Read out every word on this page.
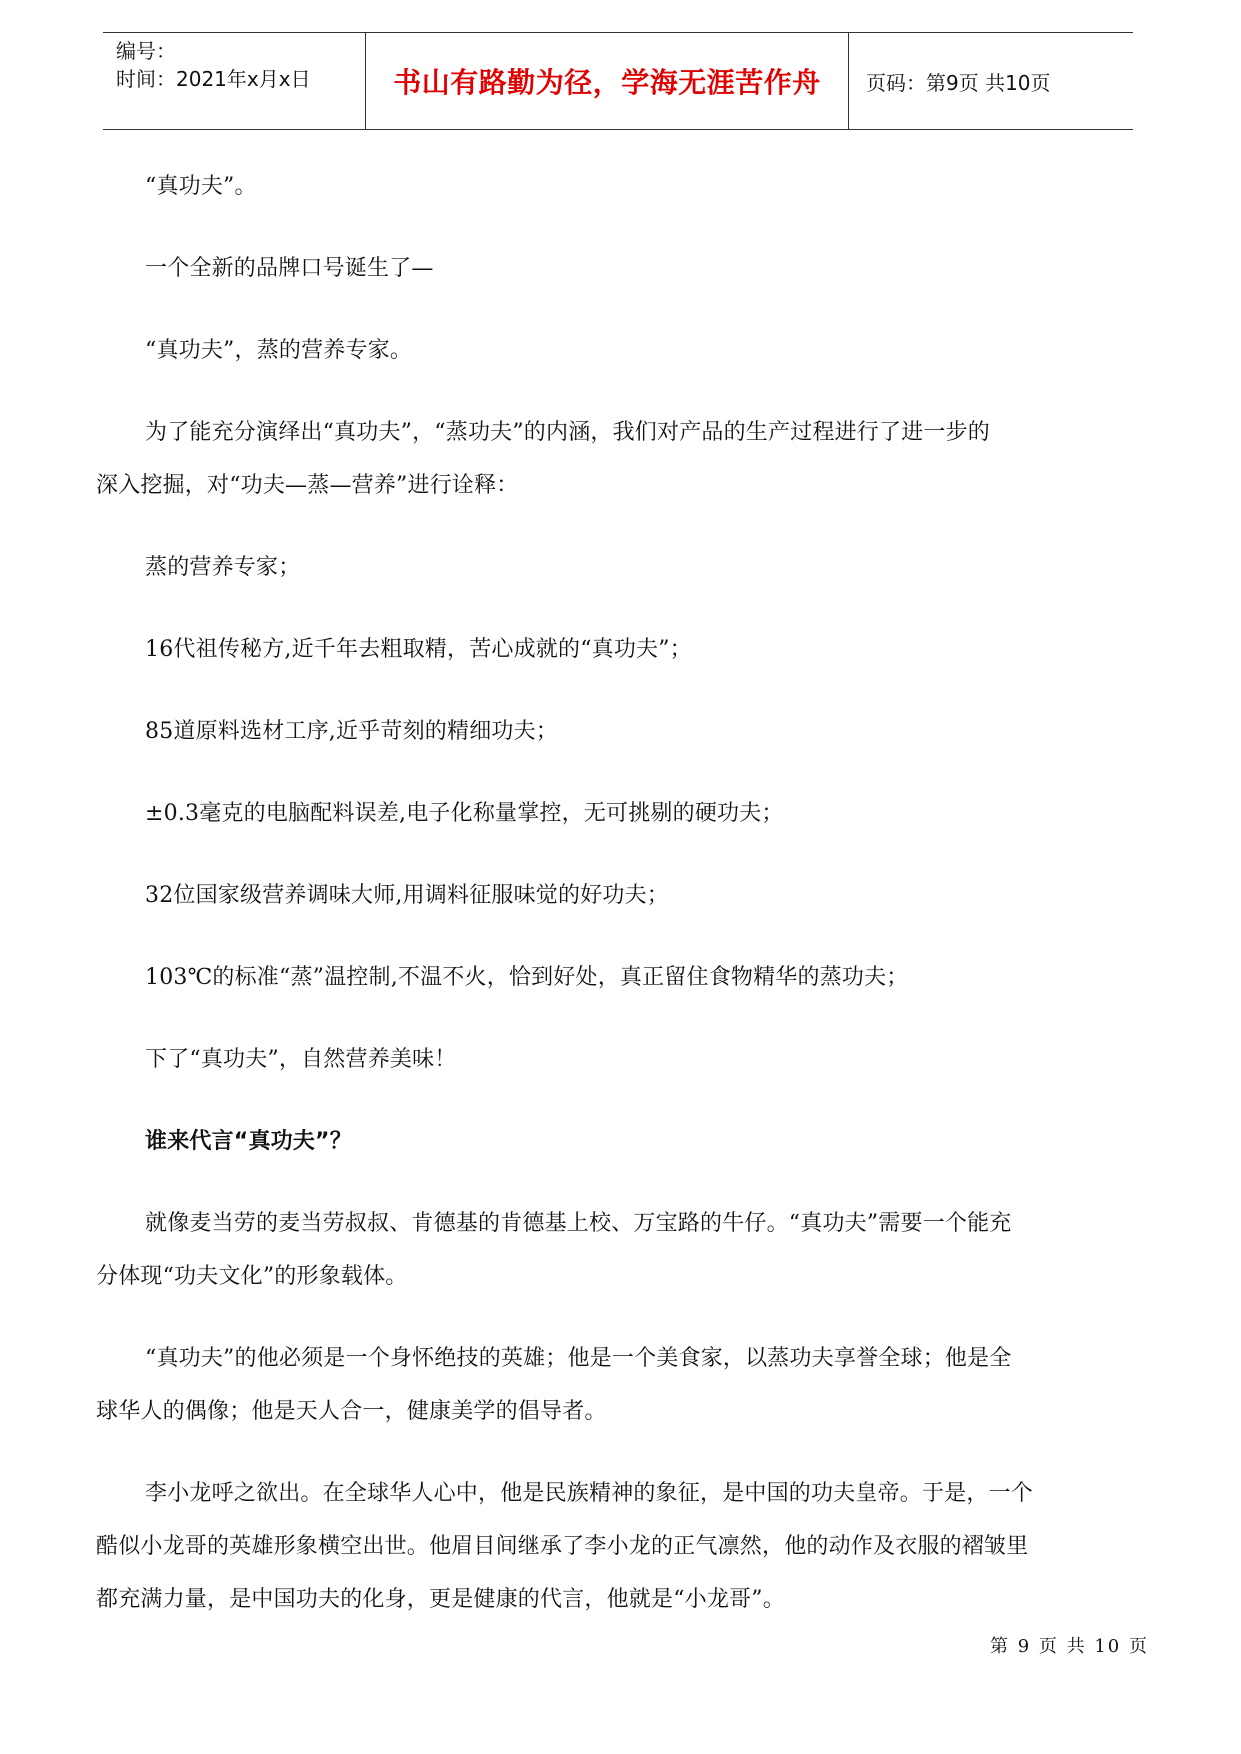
编号：
时间：2021年x月x日	书山有路勤为径，学海无涯苦作舟	页码：第9页 共10页
“真功夫”。
一个全新的品牌口号诞生了—
“真功夫”，蒸的营养专家。
为了能充分演绎出“真功夫”，“蒸功夫”的内涵，我们对产品的生产过程进行了进一步的
深入挖掘，对“功夫—蒸—营养”进行诠释：
蒸的营养专家；
16代祖传秘方,近千年去粗取精，苦心成就的“真功夫”；
85道原料选材工序,近乎苛刻的精细功夫；
±0.3毫克的电脑配料误差,电子化称量掌控，无可挑剔的硬功夫；
32位国家级营养调味大师,用调料征服味觉的好功夫；
103℃的标准“蒸”温控制,不温不火，恰到好处，真正留住食物精华的蒸功夫；
下了“真功夫”，自然营养美味！
谁来代言“真功夫”？
就像麦当劳的麦当劳叔叔、肯德基的肯德基上校、万宝路的牛仔。“真功夫”需要一个能充
分体现“功夫文化”的形象载体。
“真功夫”的他必须是一个身怀绝技的英雄；他是一个美食家，以蒸功夫享誉全球；他是全
球华人的偶像；他是天人合一，健康美学的倡导者。
李小龙呼之欲出。在全球华人心中，他是民族精神的象征，是中国的功夫皇帝。于是，一个
酷似小龙哥的英雄形象横空出世。他眉目间继承了李小龙的正气凛然，他的动作及衣服的褶皱里
都充满力量，是中国功夫的化身，更是健康的代言，他就是“小龙哥”。
第 9 页 共 10 页
